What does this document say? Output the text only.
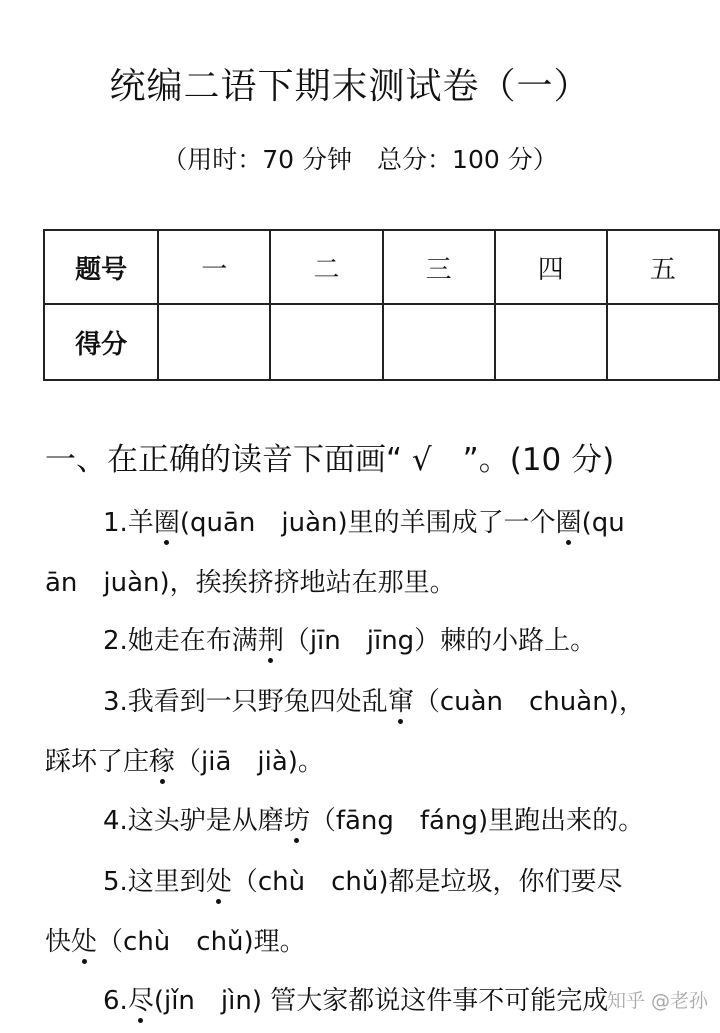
统编二语下期末测试卷（一）
（用时：70 分钟　总分：100 分）
题号	一	二	三	四	五
得分					
一、在正确的读音下面画“ √　”。(10 分)
1.羊圈(quān　juàn)里的羊围成了一个圈(qu
ān　juàn)，挨挨挤挤地站在那里。
2.她走在布满荆（jīn　jīng）棘的小路上。
3.我看到一只野兔四处乱窜（cuàn　chuàn)，
踩坏了庄稼（jiā　jià)。
4.这头驴是从磨坊（fāng　fáng)里跑出来的。
5.这里到处（chù　chǔ)都是垃圾，你们要尽
快处（chù　chǔ)理。
6.尽(jǐn　jìn) 管大家都说这件事不可能完成
知乎 @老孙
